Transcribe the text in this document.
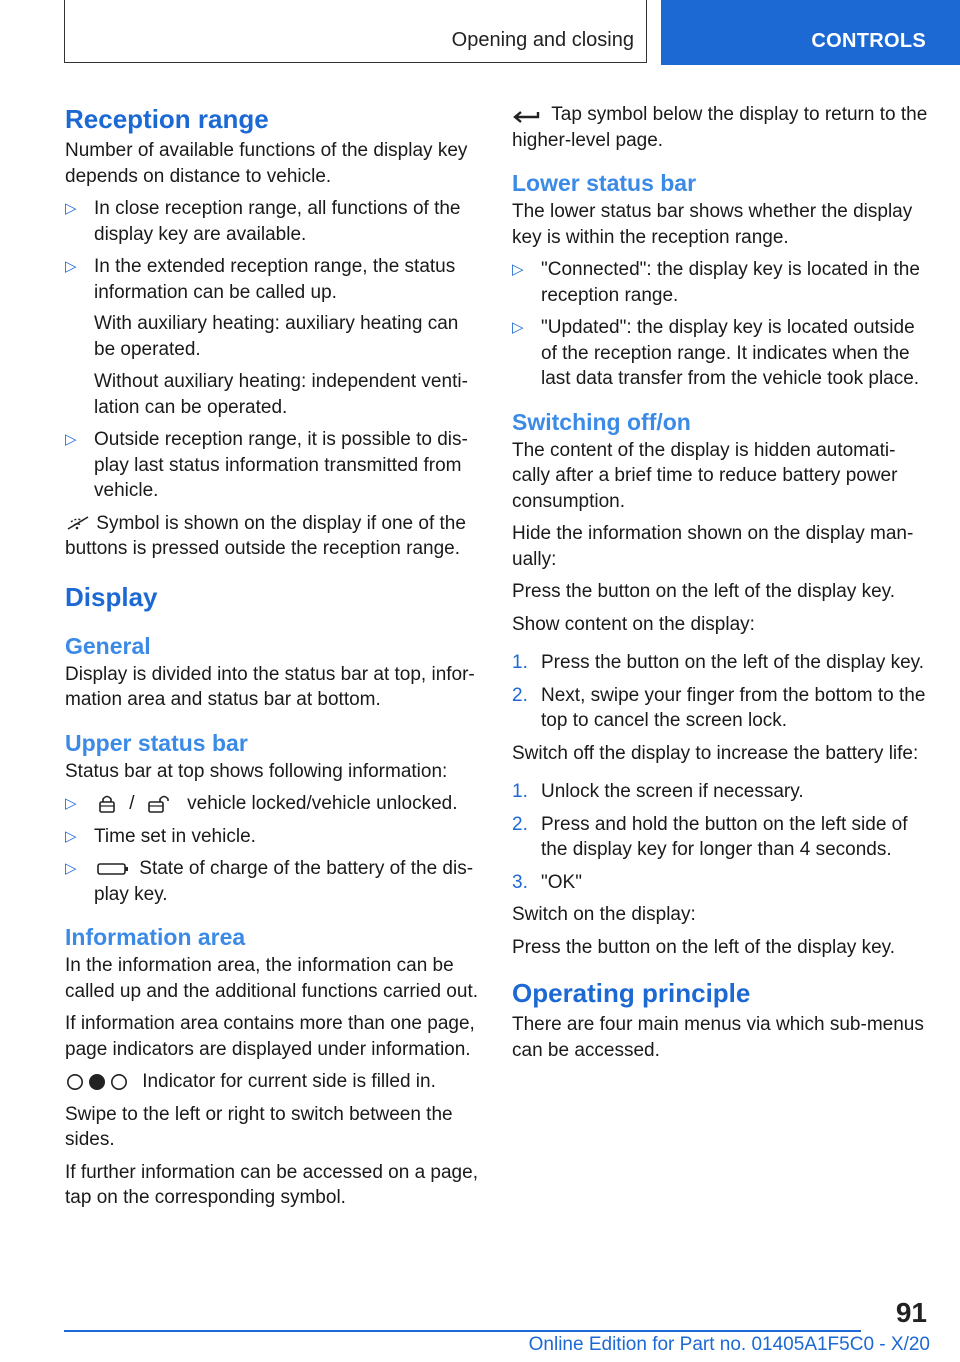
Opening and closing	CONTROLS
Reception range

Number of available functions of the display key depends on distance to vehicle.

▷ In close reception range, all functions of the display key are available.
▷ In the extended reception range, the status information can be called up.

With auxiliary heating: auxiliary heating can be operated.

Without auxiliary heating: independent venti-lation can be operated.

▷ Outside reception range, it is possible to dis-play last status information transmitted from vehicle.

Symbol is shown on the display if one of the buttons is pressed outside the reception range.

Display
General

Display is divided into the status bar at top, infor-mation area and status bar at bottom.

Upper status bar

Status bar at top shows following information:

▷	/	vehicle locked/vehicle unlocked.
▷ Time set in vehicle.
▷	State of charge of the battery of the dis-play key.
Information area

In the information area, the information can be called up and the additional functions carried out.

If information area contains more than one page, page indicators are displayed under information.

Indicator for current side is filled in.

Swipe to the left or right to switch between the sides.

If further information can be accessed on a page, tap on the corresponding symbol.

Tap symbol below the display to return to the higher-level page.

Lower status bar

The lower status bar shows whether the display key is within the reception range.

▷ "Connected": the display key is located in the reception range.
▷ "Updated": the display key is located outside of the reception range. It indicates when the last data transfer from the vehicle took place.
Switching off/on

The content of the display is hidden automati-cally after a brief time to reduce battery power consumption.

Hide the information shown on the display man-ually:

Press the button on the left of the display key.

Show content on the display:

1. Press the button on the left of the display key.
2. Next, swipe your finger from the bottom to the top to cancel the screen lock.

Switch off the display to increase the battery life:

1. Unlock the screen if necessary.
2. Press and hold the button on the left side of the display key for longer than 4 seconds.
3. "OK"

Switch on the display:

Press the button on the left of the display key.

Operating principle

There are four main menus via which sub-menus can be accessed.

91
Online Edition for Part no. 01405A1F5C0 - X/20
